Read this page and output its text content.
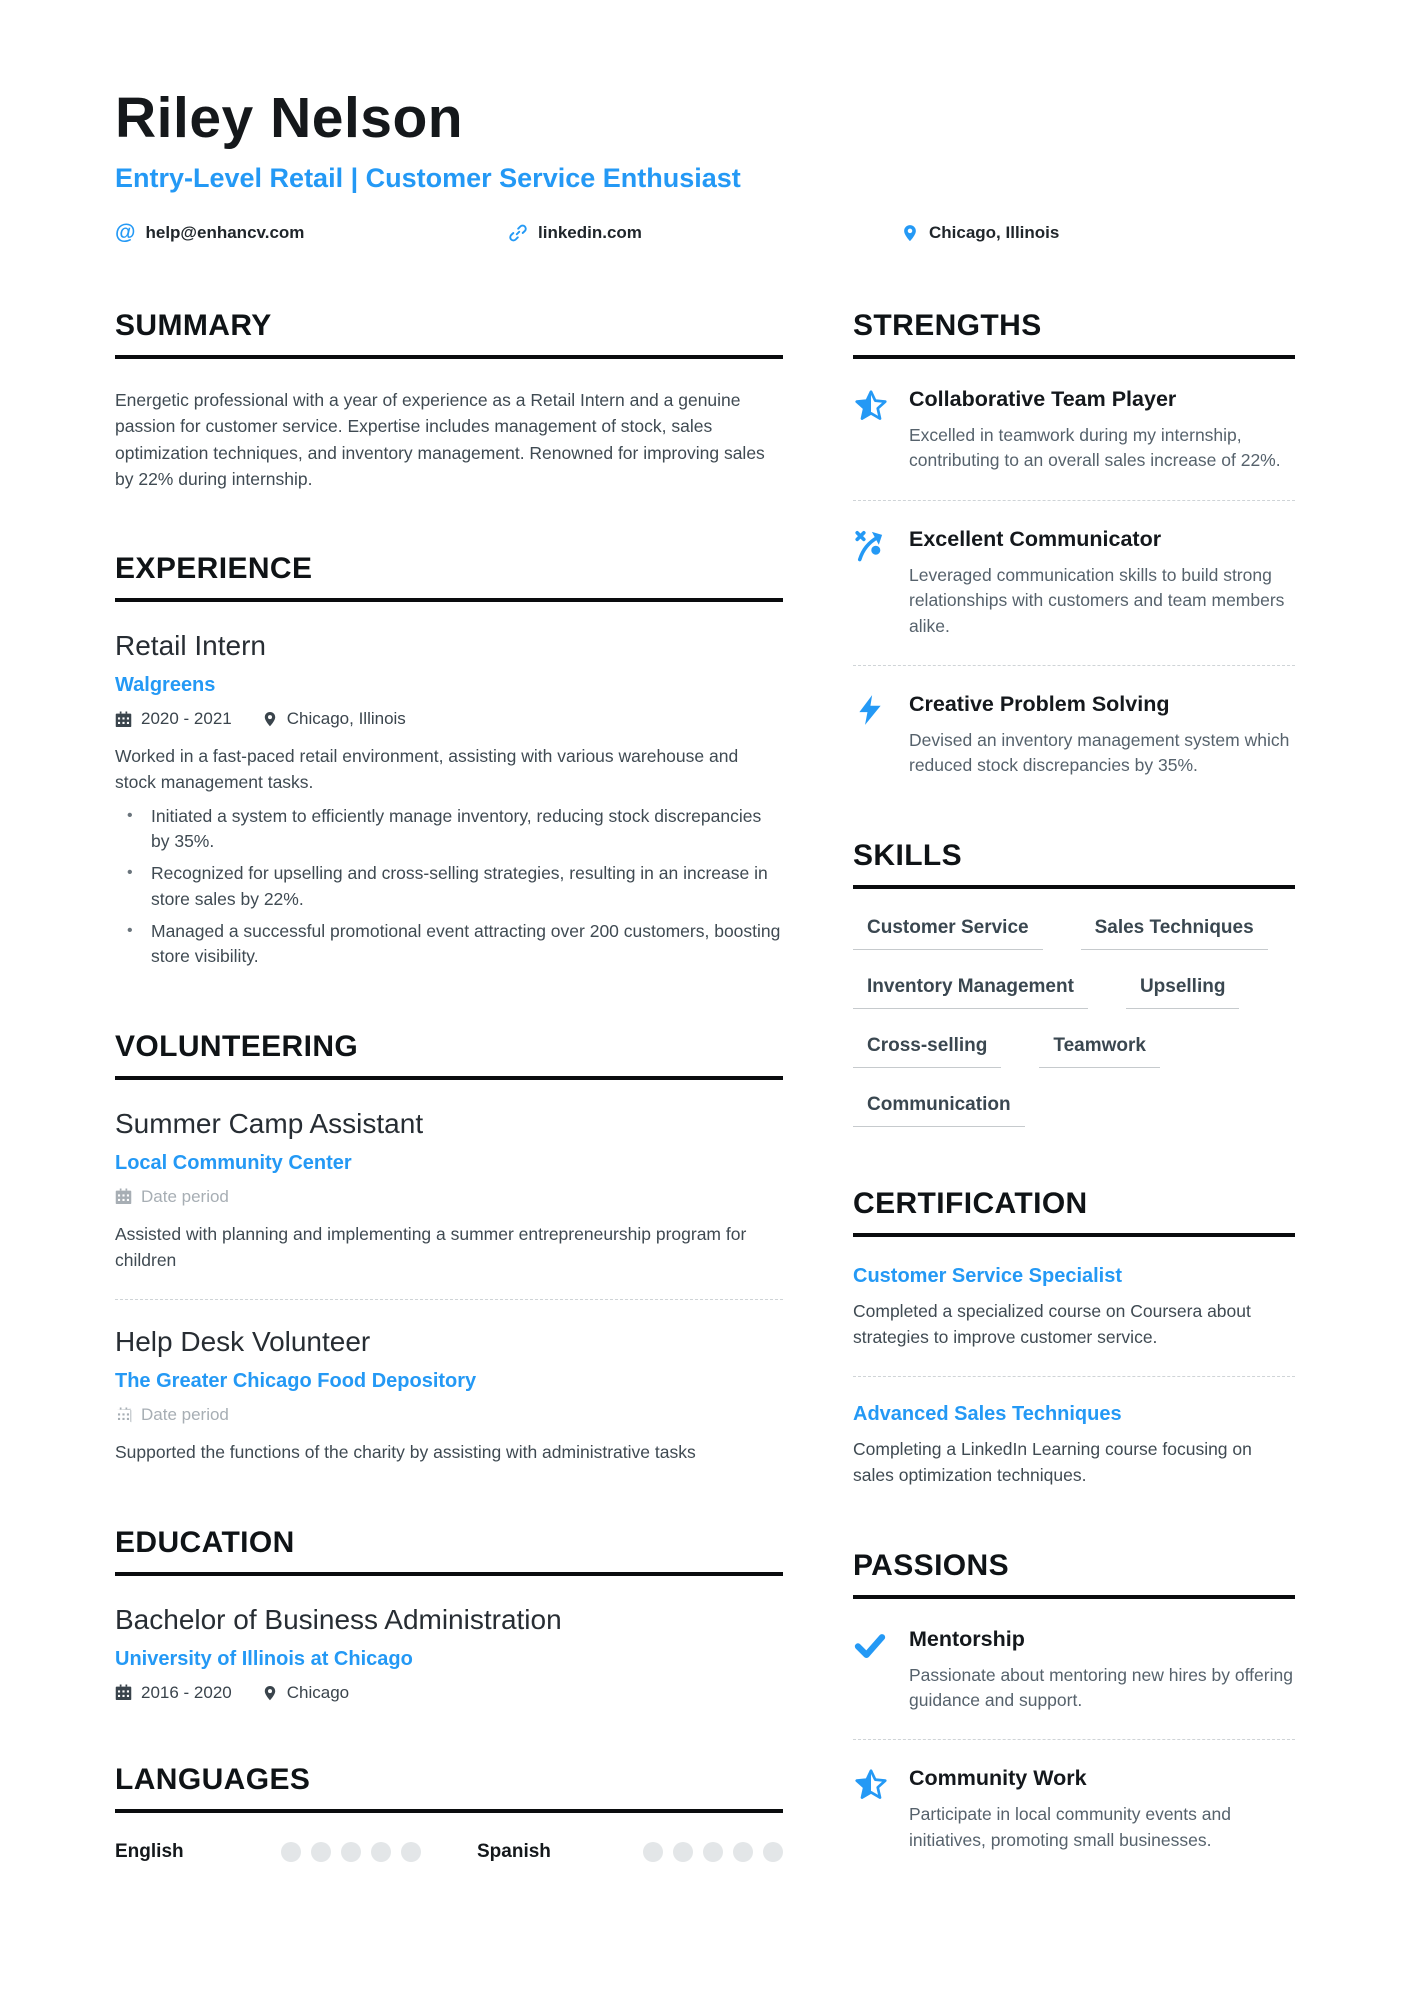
Riley Nelson
Entry-Level Retail | Customer Service Enthusiast
@ help@enhancv.com	linkedin.com	Chicago, Illinois
SUMMARY

Energetic professional with a year of experience as a Retail Intern and a genuine passion for customer service. Expertise includes management of stock, sales optimization techniques, and inventory management. Renowned for improving sales by 22% during internship.

EXPERIENCE
Retail Intern
Walgreens
2020 - 2021	Chicago, Illinois

Worked in a fast-paced retail environment, assisting with various warehouse and stock management tasks.

• Initiated a system to efficiently manage inventory, reducing stock discrepancies by 35%.
• Recognized for upselling and cross-selling strategies, resulting in an increase in store sales by 22%.
• Managed a successful promotional event attracting over 200 customers, boosting store visibility.
VOLUNTEERING
Summer Camp Assistant
Local Community Center
Date period

Assisted with planning and implementing a summer entrepreneurship program for children

Help Desk Volunteer
The Greater Chicago Food Depository
Date period

Supported the functions of the charity by assisting with administrative tasks

EDUCATION
Bachelor of Business Administration
University of Illinois at Chicago
2016 - 2020	Chicago
LANGUAGES
English	Spanish
STRENGTHS
Collaborative Team Player
Excelled in teamwork during my internship, contributing to an overall sales increase of 22%.
Excellent Communicator
Leveraged communication skills to build strong relationships with customers and team members alike.
Creative Problem Solving
Devised an inventory management system which reduced stock discrepancies by 35%.
SKILLS
Customer Service	Sales Techniques
Inventory Management	Upselling
Cross-selling	Teamwork
Communication
CERTIFICATION
Customer Service Specialist

Completed a specialized course on Coursera about strategies to improve customer service.

Advanced Sales Techniques

Completing a LinkedIn Learning course focusing on sales optimization techniques.

PASSIONS
Mentorship
Passionate about mentoring new hires by offering guidance and support.
Community Work
Participate in local community events and initiatives, promoting small businesses.
